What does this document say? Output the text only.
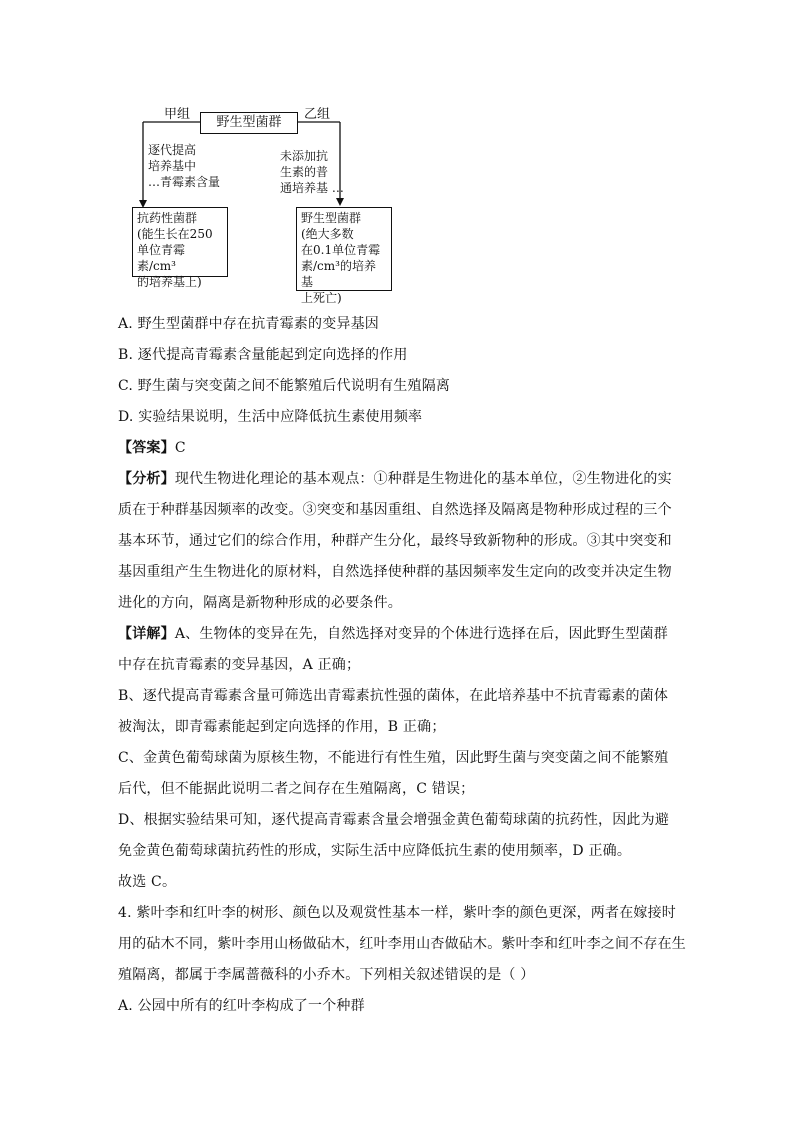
甲组	乙组
野生型菌群
逐代提高
培养基中
…青霉素含量
未添加抗
生素的普
通培养基 …
抗药性菌群
(能生长在250
单位青霉素/cm³
的培养基上)
野生型菌群
(绝大多数
在0.1单位青霉
素/cm³的培养基
上死亡)
A. 野生型菌群中存在抗青霉素的变异基因
B. 逐代提高青霉素含量能起到定向选择的作用
C. 野生菌与突变菌之间不能繁殖后代说明有生殖隔离
D. 实验结果说明，生活中应降低抗生素使用频率
【答案】C
【分析】现代生物进化理论的基本观点：①种群是生物进化的基本单位，②生物进化的实
质在于种群基因频率的改变。③突变和基因重组、自然选择及隔离是物种形成过程的三个
基本环节，通过它们的综合作用，种群产生分化，最终导致新物种的形成。③其中突变和
基因重组产生生物进化的原材料，自然选择使种群的基因频率发生定向的改变并决定生物
进化的方向，隔离是新物种形成的必要条件。
【详解】A、生物体的变异在先，自然选择对变异的个体进行选择在后，因此野生型菌群
中存在抗青霉素的变异基因，A 正确；
B、逐代提高青霉素含量可筛选出青霉素抗性强的菌体，在此培养基中不抗青霉素的菌体
被淘汰，即青霉素能起到定向选择的作用，B 正确；
C、金黄色葡萄球菌为原核生物，不能进行有性生殖，因此野生菌与突变菌之间不能繁殖
后代，但不能据此说明二者之间存在生殖隔离，C 错误；
D、根据实验结果可知，逐代提高青霉素含量会增强金黄色葡萄球菌的抗药性，因此为避
免金黄色葡萄球菌抗药性的形成，实际生活中应降低抗生素的使用频率，D 正确。
故选 C。
4. 紫叶李和红叶李的树形、颜色以及观赏性基本一样，紫叶李的颜色更深，两者在嫁接时
用的砧木不同，紫叶李用山杨做砧木，红叶李用山杏做砧木。紫叶李和红叶李之间不存在生
殖隔离，都属于李属蔷薇科的小乔木。下列相关叙述错误的是（ ）
A. 公园中所有的红叶李构成了一个种群
